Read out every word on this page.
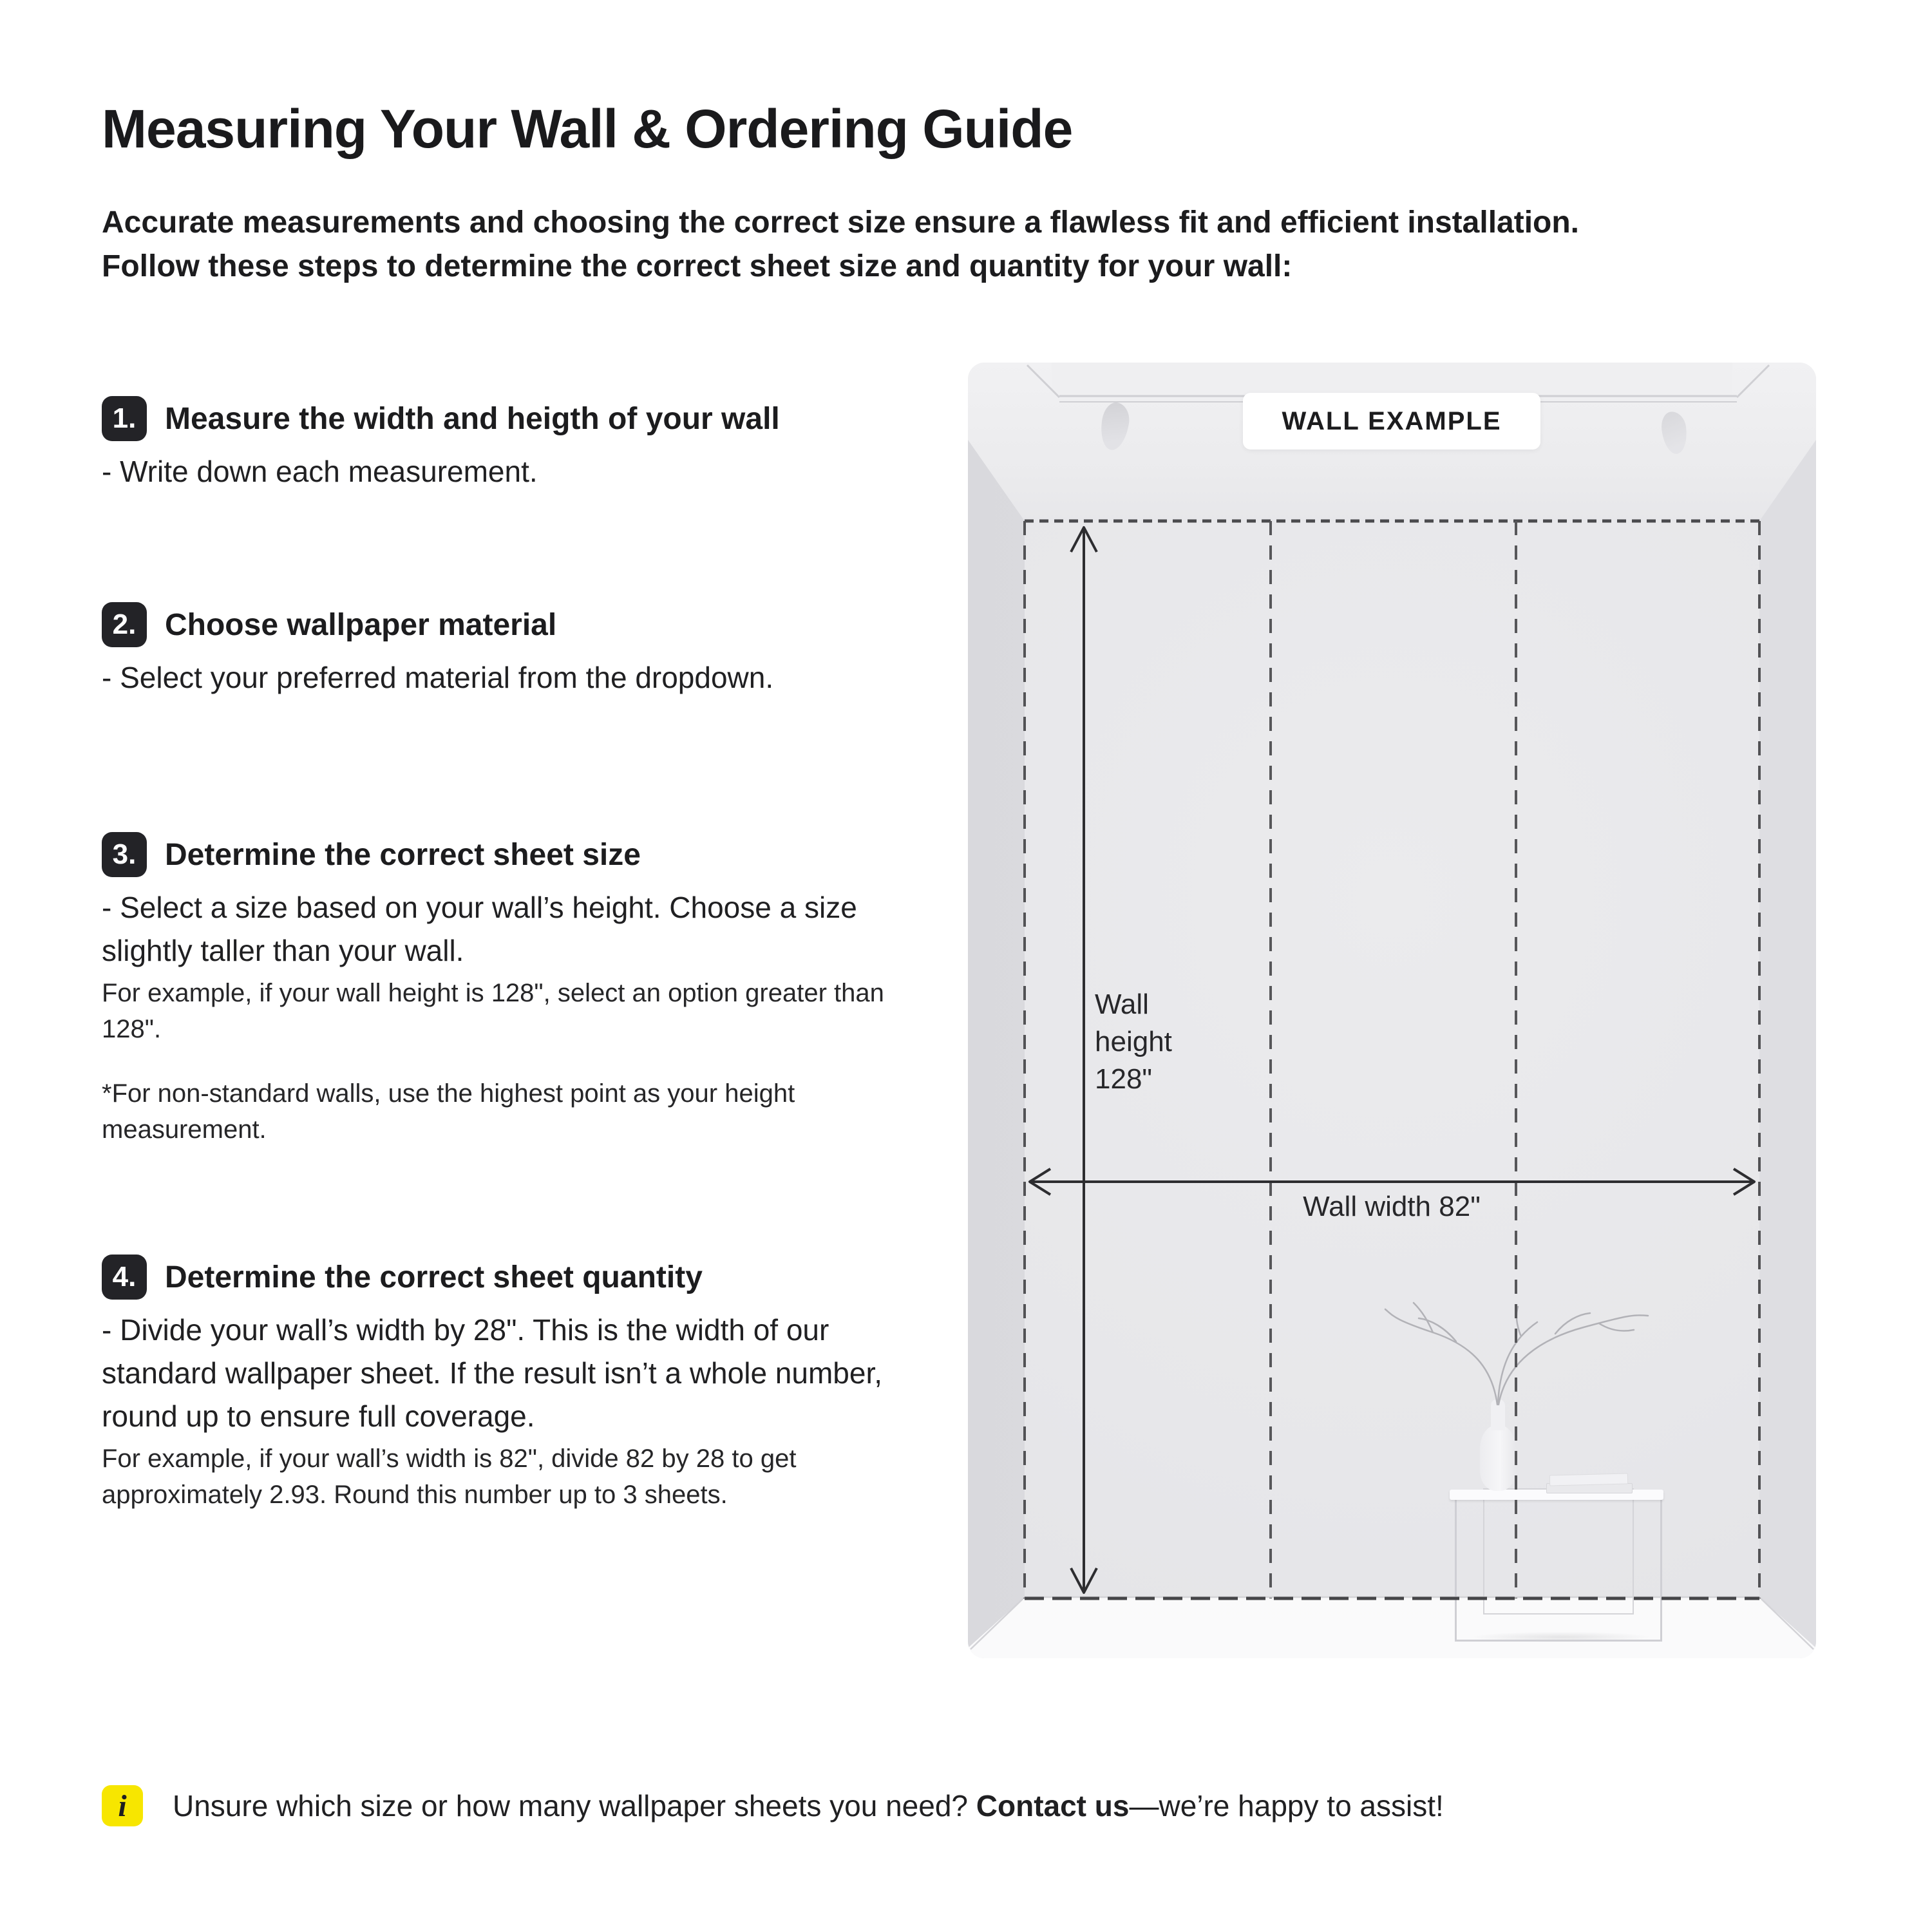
Measuring Your Wall & Ordering Guide
Accurate measurements and choosing the correct size ensure a flawless fit and efficient installation.
Follow these steps to determine the correct sheet size and quantity for your wall:
1. Measure the width and heigth of your wall
- Write down each measurement.
2. Choose wallpaper material
- Select your preferred material from the dropdown.
3. Determine the correct sheet size
- Select a size based on your wall’s height. Choose a size slightly taller than your wall.
For example, if your wall height is 128", select an option greater than 128".
*For non-standard walls, use the highest point as your height measurement.
4. Determine the correct sheet quantity
- Divide your wall’s width by 28". This is the width of our standard wallpaper sheet. If the result isn’t a whole number, round up to ensure full coverage.
For example, if your wall’s width is 82", divide 82 by 28 to get approximately 2.93. Round this number up to 3 sheets.
WALL EXAMPLE
Wall
height
128"
Wall width 82"
i Unsure which size or how many wallpaper sheets you need? Contact us—we’re happy to assist!
